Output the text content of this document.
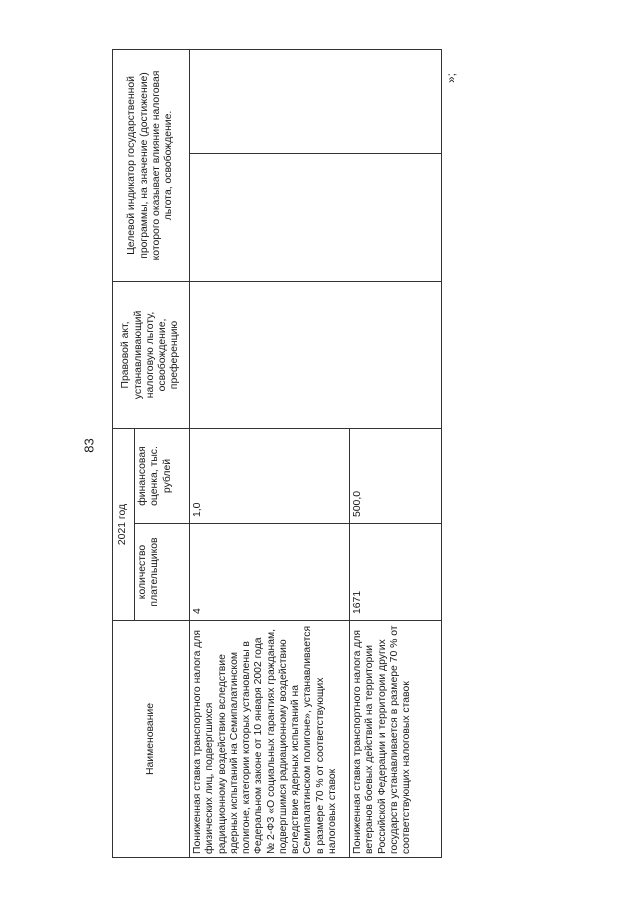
83
»;
Наименование	2021 год		Правовой акт, устанавливающий налоговую льготу, освобождение, преференцию	Целевой индикатор государственной программы, на значение (достижение) которого оказывает влияние налоговая льгота, освобождение.	
	количество плательщиков	финансовая оценка, тыс. рублей			
Пониженная ставка транспортного налога для физических лиц, подвергшихся радиационному воздействию вследствие ядерных испытаний на Семипалатинском полигоне, категории которых установлены в Федеральном законе от 10 января 2002 года № 2-ФЗ «О социальных гарантиях гражданам, подвергшимся радиационному воздействию вследствие ядерных испытаний на Семипалатинском полигоне», устанавливается в размере 70 % от соответствующих налоговых ставок	4	1,0			
Пониженная ставка транспортного налога для ветеранов боевых действий на территории Российской Федерации и территории других государств устанавливается в размере 70 % от соответствующих налоговых ставок	1671	500,0			
